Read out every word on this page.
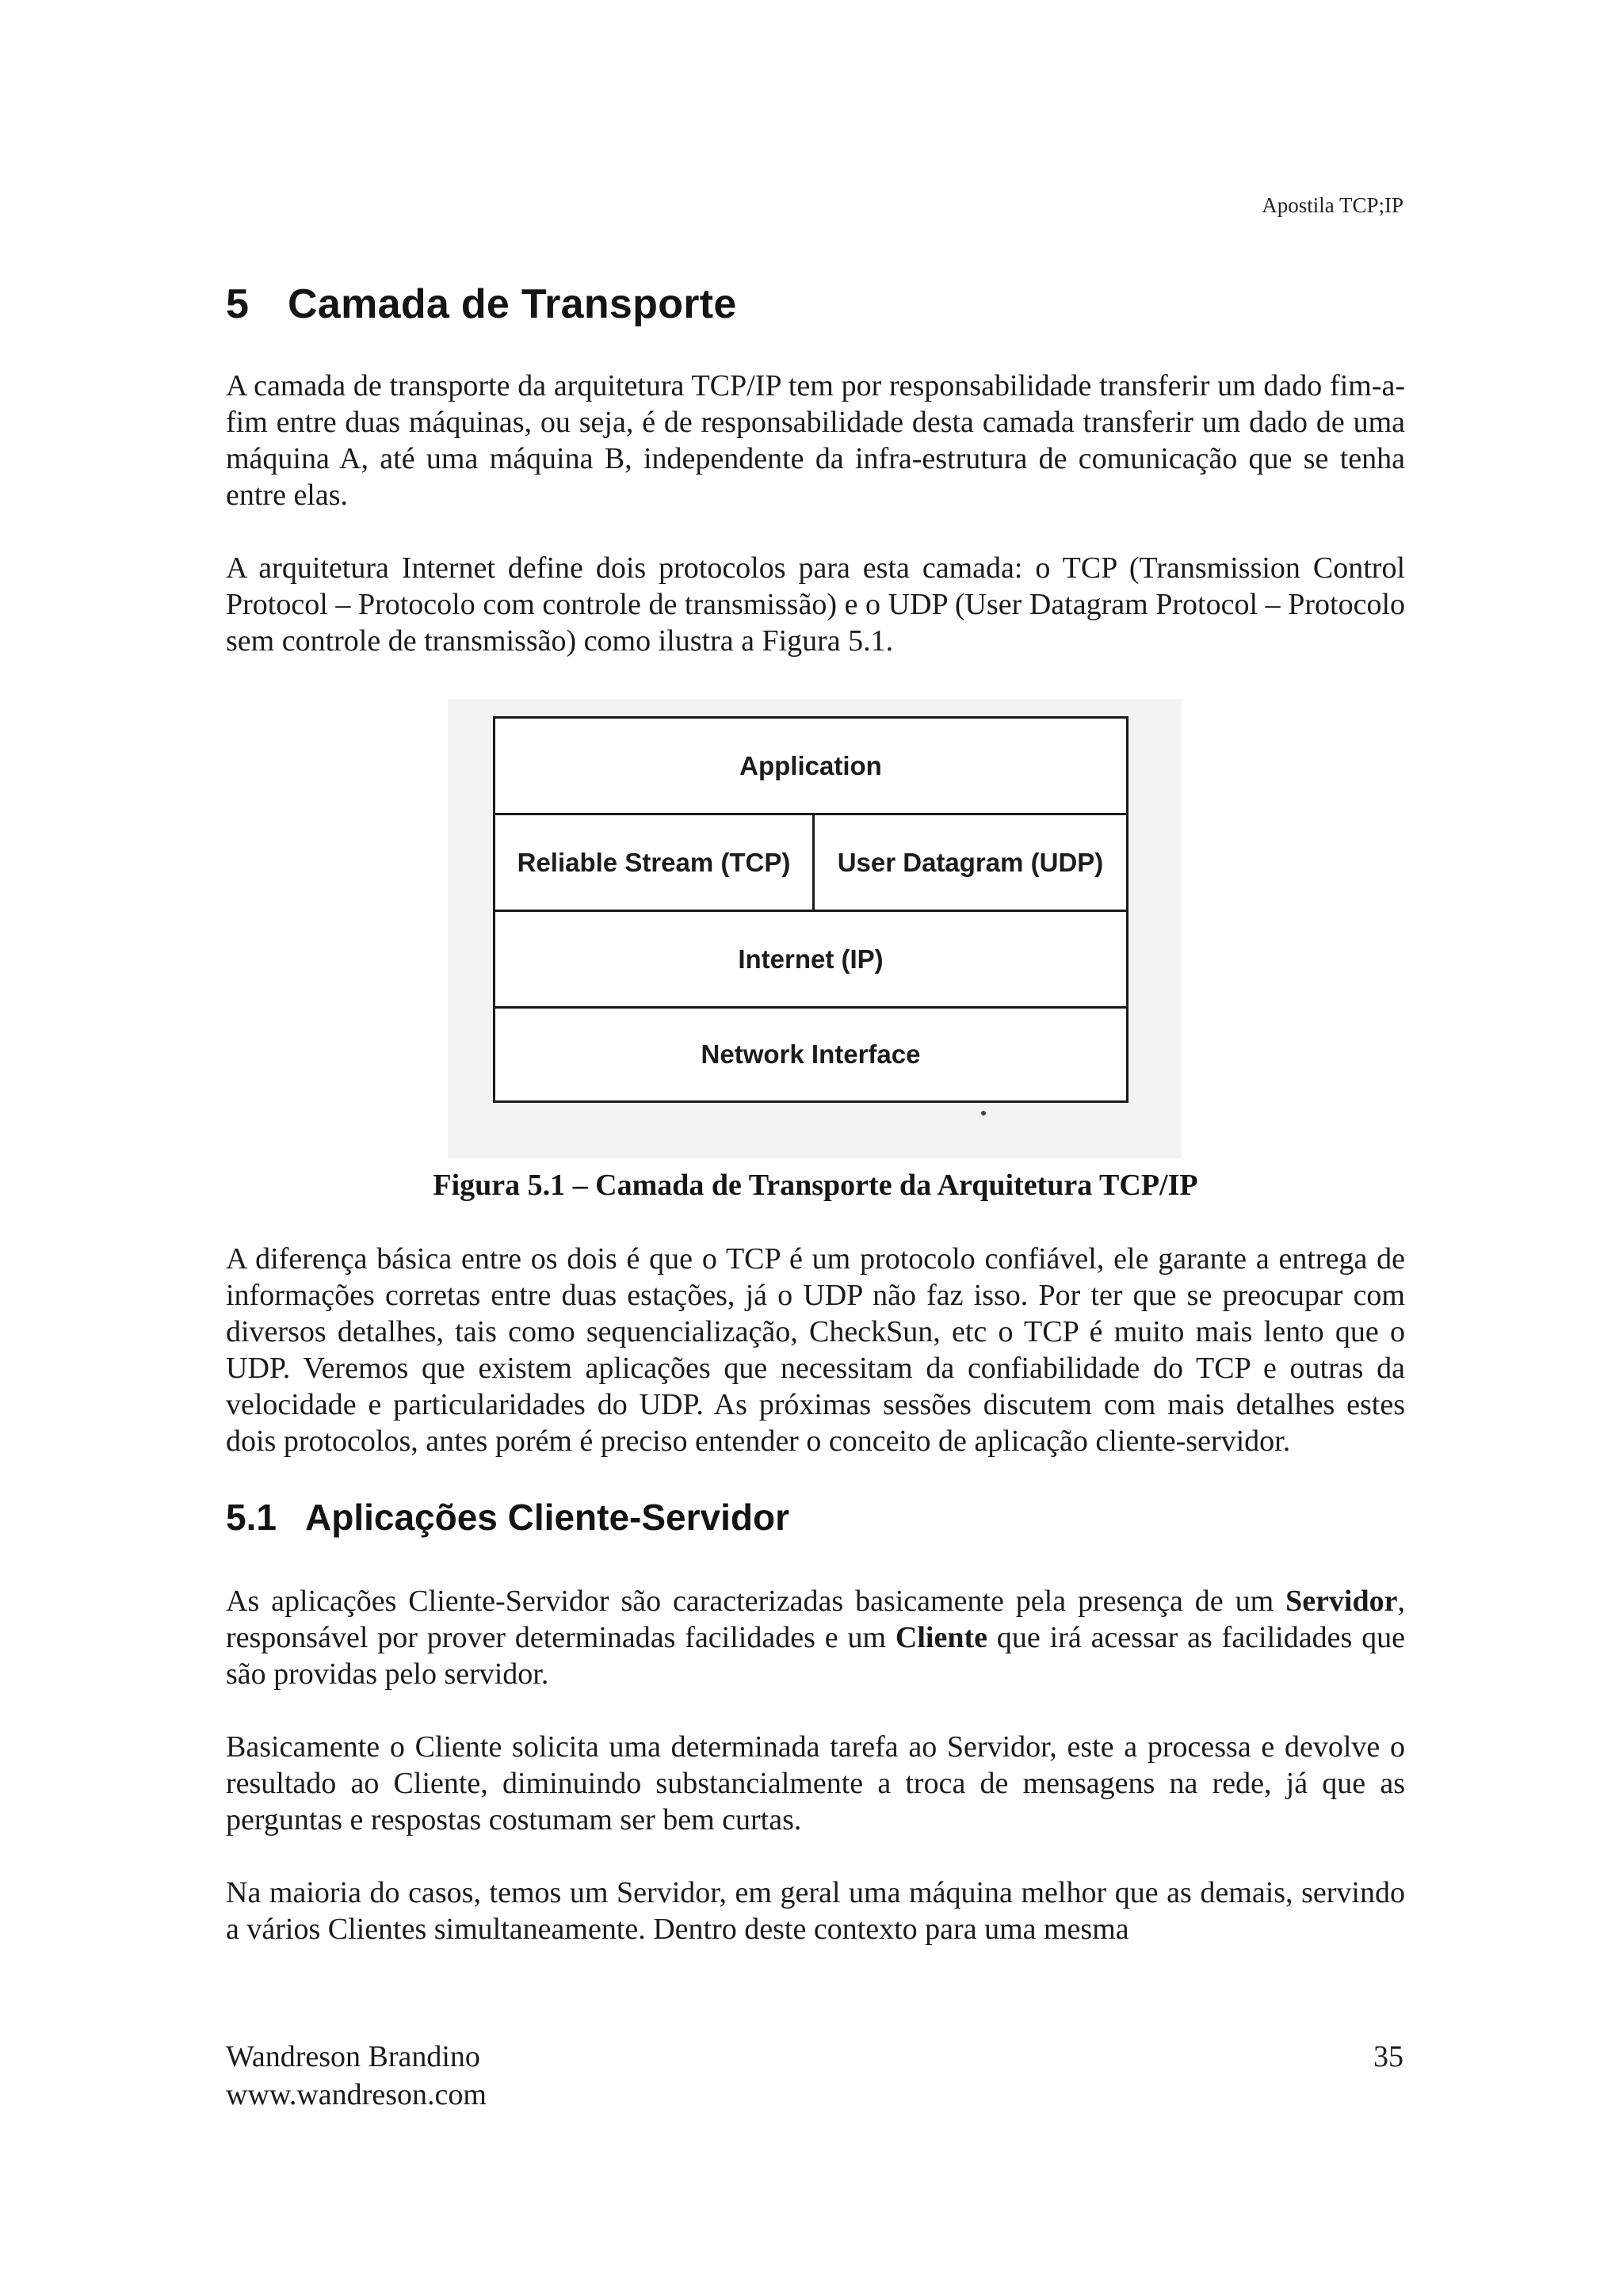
Apostila TCP;IP
5 Camada de Transporte

A camada de transporte da arquitetura TCP/IP tem por responsabilidade transferir um dado fim-a-fim entre duas máquinas, ou seja, é de responsabilidade desta camada transferir um dado de uma máquina A, até uma máquina B, independente da infra-estrutura de comunicação que se tenha entre elas.

A arquitetura Internet define dois protocolos para esta camada: o TCP (Transmission Control Protocol – Protocolo com controle de transmissão) e o UDP (User Datagram Protocol – Protocolo sem controle de transmissão) como ilustra a Figura 5.1.

Application
Reliable Stream (TCP)	User Datagram (UDP)
Internet (IP)
Network Interface
Figura 5.1 – Camada de Transporte da Arquitetura TCP/IP

A diferença básica entre os dois é que o TCP é um protocolo confiável, ele garante a entrega de informações corretas entre duas estações, já o UDP não faz isso. Por ter que se preocupar com diversos detalhes, tais como sequencialização, CheckSun, etc o TCP é muito mais lento que o UDP. Veremos que existem aplicações que necessitam da confiabilidade do TCP e outras da velocidade e particularidades do UDP. As próximas sessões discutem com mais detalhes estes dois protocolos, antes porém é preciso entender o conceito de aplicação cliente-servidor.

5.1 Aplicações Cliente-Servidor

As aplicações Cliente-Servidor são caracterizadas basicamente pela presença de um Servidor, responsável por prover determinadas facilidades e um Cliente que irá acessar as facilidades que são providas pelo servidor.

Basicamente o Cliente solicita uma determinada tarefa ao Servidor, este a processa e devolve o resultado ao Cliente, diminuindo substancialmente a troca de mensagens na rede, já que as perguntas e respostas costumam ser bem curtas.

Na maioria do casos, temos um Servidor, em geral uma máquina melhor que as demais, servindo a vários Clientes simultaneamente. Dentro deste contexto para uma mesma

Wandreson Brandino
www.wandreson.com
35
